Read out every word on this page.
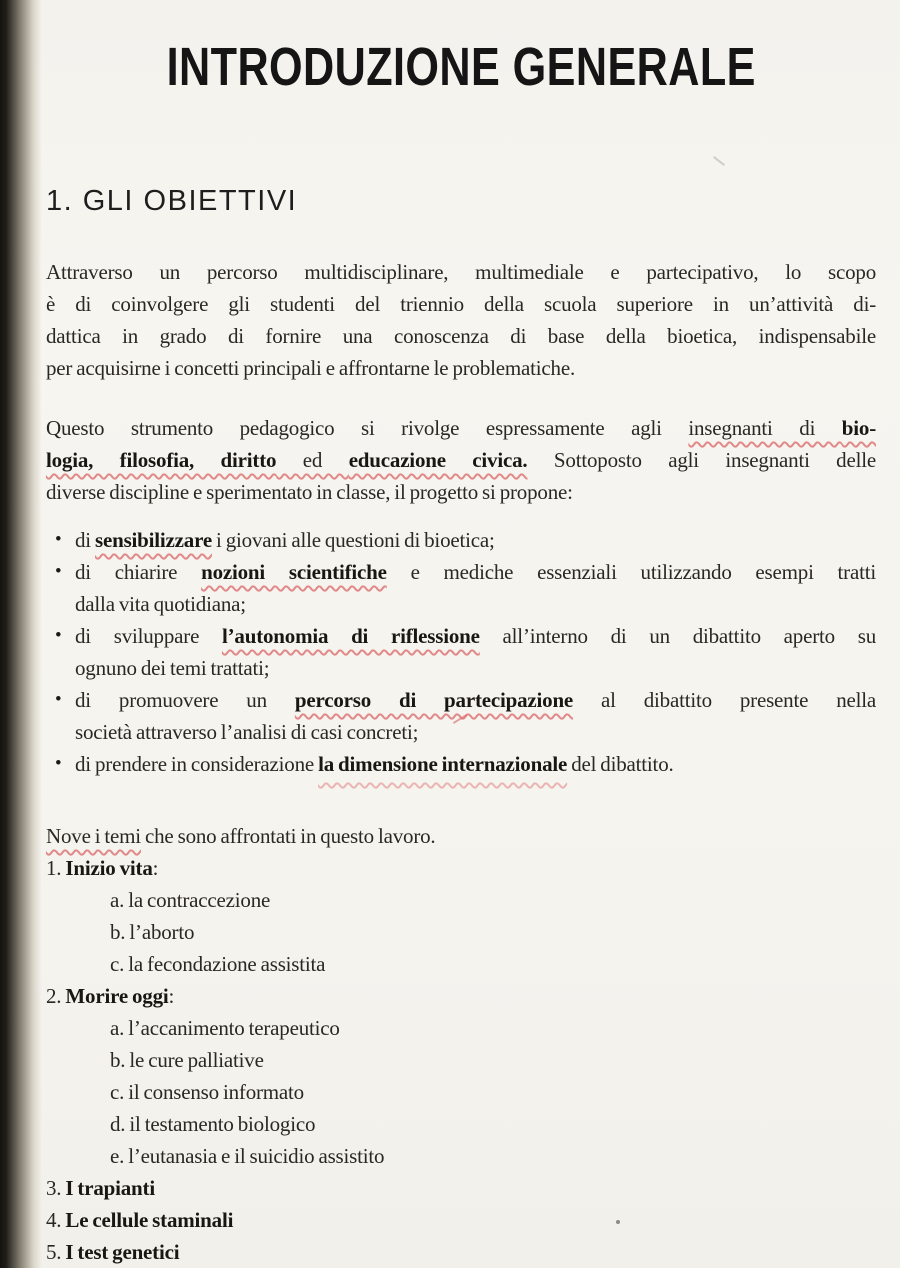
INTRODUZIONE GENERALE
1. GLI OBIETTIVI
Attraverso un percorso multidisciplinare, multimediale e partecipativo, lo scopo
è di coinvolgere gli studenti del triennio della scuola superiore in un’attività di-
dattica in grado di fornire una conoscenza di base della bioetica, indispensabile
per acquisirne i concetti principali e affrontarne le problematiche.
Questo strumento pedagogico si rivolge espressamente agli insegnanti di bio-
logia, filosofia, diritto ed educazione civica. Sottoposto agli insegnanti delle
diverse discipline e sperimentato in classe, il progetto si propone:
• di sensibilizzare i giovani alle questioni di bioetica;
• di chiarire nozioni scientifiche e mediche essenziali utilizzando esempi tratti
dalla vita quotidiana;
• di sviluppare l’autonomia di riflessione all’interno di un dibattito aperto su
ognuno dei temi trattati;
• di promuovere un percorso di partecipazione al dibattito presente nella
società attraverso l’analisi di casi concreti;
• di prendere in considerazione la dimensione internazionale del dibattito.
Nove i temi che sono affrontati in questo lavoro.
1. Inizio vita:
a. la contraccezione
b. l’aborto
c. la fecondazione assistita
2. Morire oggi:
a. l’accanimento terapeutico
b. le cure palliative
c. il consenso informato
d. il testamento biologico
e. l’eutanasia e il suicidio assistito
3. I trapianti
4. Le cellule staminali
5. I test genetici
